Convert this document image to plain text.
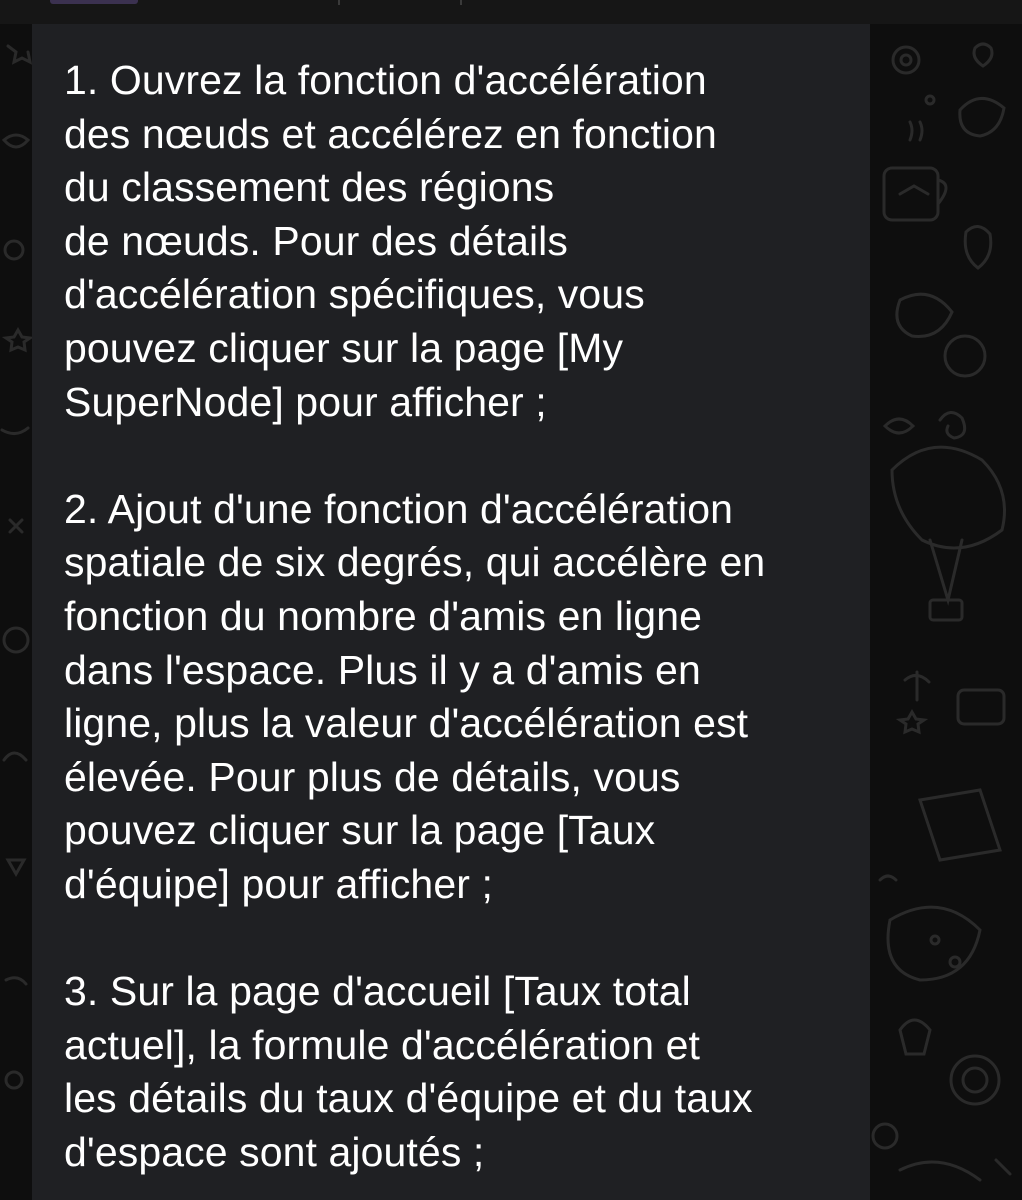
1. Ouvrez la fonction d'accélération
des nœuds et accélérez en fonction
du classement des régions
de nœuds. Pour des détails
d'accélération spécifiques, vous
pouvez cliquer sur la page [My
SuperNode] pour afficher ;

2. Ajout d'une fonction d'accélération
spatiale de six degrés, qui accélère en
fonction du nombre d'amis en ligne
dans l'espace. Plus il y a d'amis en
ligne, plus la valeur d'accélération est
élevée. Pour plus de détails, vous
pouvez cliquer sur la page [Taux
d'équipe] pour afficher ;

3. Sur la page d'accueil [Taux total
actuel], la formule d'accélération et
les détails du taux d'équipe et du taux
d'espace sont ajoutés ;
